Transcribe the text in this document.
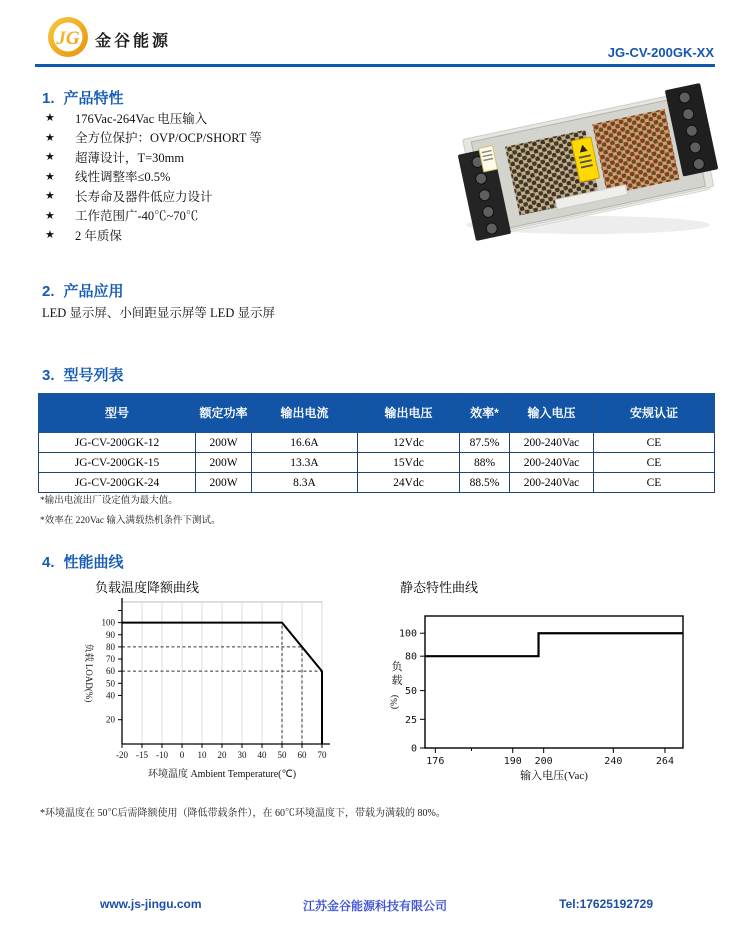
JG 金谷能源
JG-CV-200GK-XX
1. 产品特性
★	176Vac-264Vac 电压输入
★	全方位保护：OVP/OCP/SHORT 等
★	超薄设计，T=30mm
★	线性调整率≤0.5%
★	长寿命及器件低应力设计
★	工作范围广-40℃~70℃
★	2 年质保
2. 产品应用
LED 显示屏、小间距显示屏等 LED 显示屏
3. 型号列表
型号	额定功率	输出电流	输出电压	效率*	输入电压	安规认证
JG-CV-200GK-12	200W	16.6A	12Vdc	87.5%	200-240Vac	CE
JG-CV-200GK-15	200W	13.3A	15Vdc	88%	200-240Vac	CE
JG-CV-200GK-24	200W	8.3A	24Vdc	88.5%	200-240Vac	CE
*输出电流出厂设定值为最大值。
*效率在 220Vac 输入满载热机条件下测试。
4. 性能曲线
负载温度降额曲线	静态特性曲线
20
40
50
60
70
80
90
100
-20 -15 -10 0 10 20 30 40 50 60 70
环境温度 Ambient Temperature(℃)
负载 LOAD(%)
0
25
50
80
100
176	190 200	240	264
输入电压(Vac)
负
载
(%)
*环境温度在 50℃后需降额使用（降低带载条件），在 60℃环境温度下，带载为满载的 80%。
www.js-jingu.com	江苏金谷能源科技有限公司	Tel:17625192729
